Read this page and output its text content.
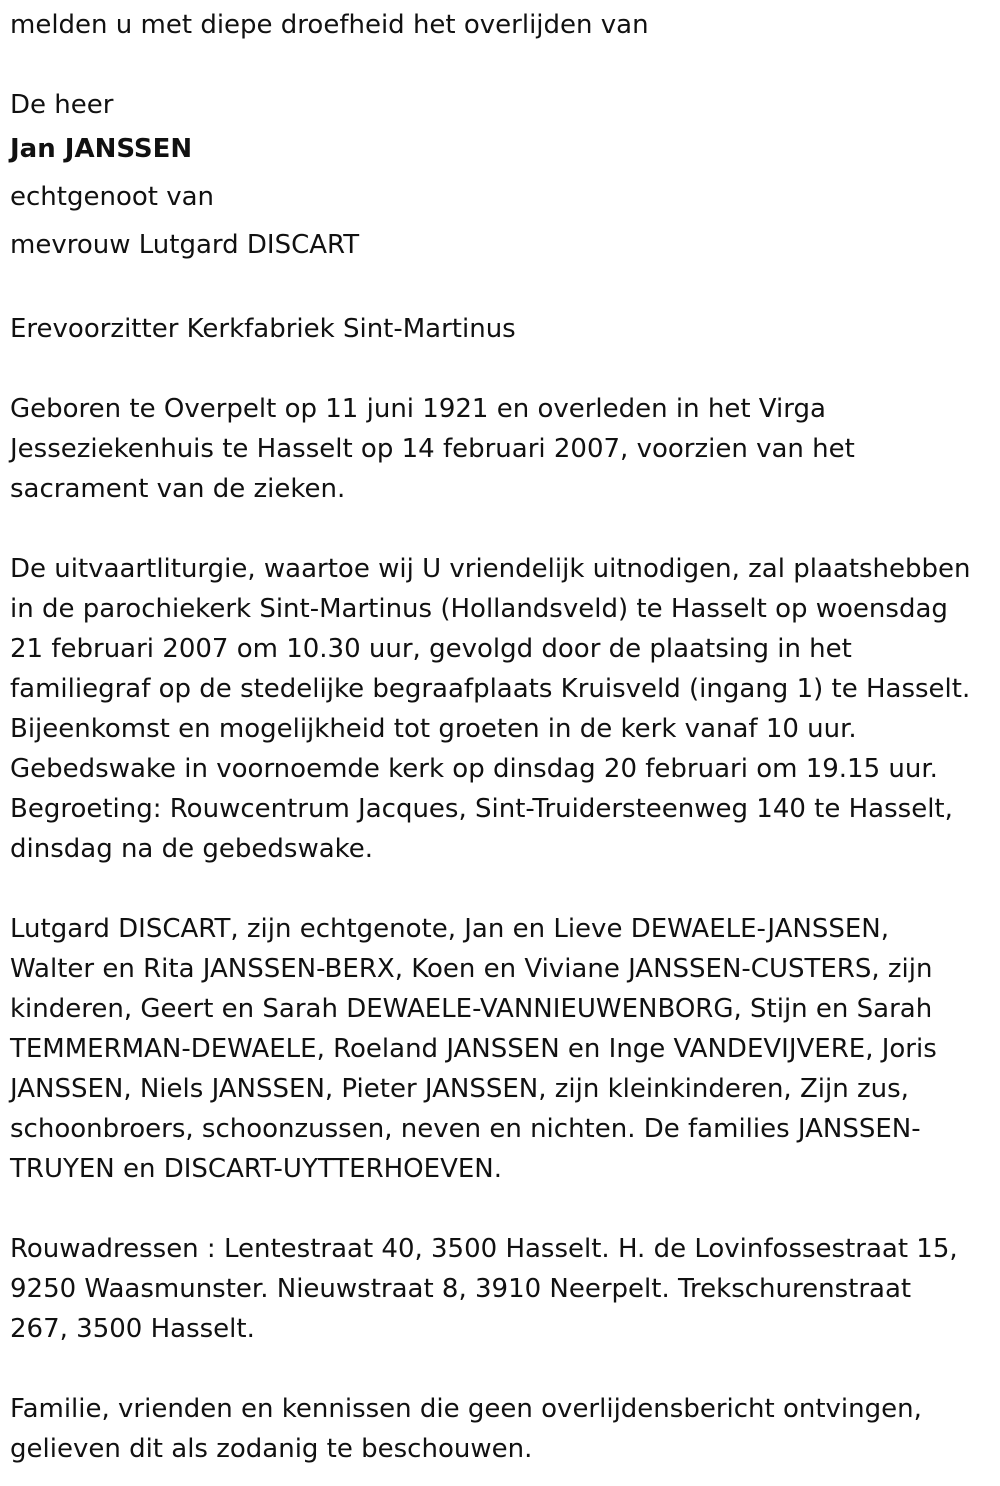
melden u met diepe droefheid het overlijden van

De heer

Jan JANSSEN

echtgenoot van

mevrouw Lutgard DISCART

Erevoorzitter Kerkfabriek Sint-Martinus

Geboren te Overpelt op 11 juni 1921 en overleden in het Virga

Jesseziekenhuis te Hasselt op 14 februari 2007, voorzien van het

sacrament van de zieken.

De uitvaartliturgie, waartoe wij U vriendelijk uitnodigen, zal plaatshebben

in de parochiekerk Sint-Martinus (Hollandsveld) te Hasselt op woensdag

21 februari 2007 om 10.30 uur, gevolgd door de plaatsing in het

familiegraf op de stedelijke begraafplaats Kruisveld (ingang 1) te Hasselt.

Bijeenkomst en mogelijkheid tot groeten in de kerk vanaf 10 uur.

Gebedswake in voornoemde kerk op dinsdag 20 februari om 19.15 uur.

Begroeting: Rouwcentrum Jacques, Sint-Truidersteenweg 140 te Hasselt,

dinsdag na de gebedswake.

Lutgard DISCART, zijn echtgenote, Jan en Lieve DEWAELE-JANSSEN,

Walter en Rita JANSSEN-BERX, Koen en Viviane JANSSEN-CUSTERS, zijn

kinderen, Geert en Sarah DEWAELE-VANNIEUWENBORG, Stijn en Sarah

TEMMERMAN-DEWAELE, Roeland JANSSEN en Inge VANDEVIJVERE, Joris

JANSSEN, Niels JANSSEN, Pieter JANSSEN, zijn kleinkinderen, Zijn zus,

schoonbroers, schoonzussen, neven en nichten. De families JANSSEN-

TRUYEN en DISCART-UYTTERHOEVEN.

Rouwadressen : Lentestraat 40, 3500 Hasselt. H. de Lovinfossestraat 15,

9250 Waasmunster. Nieuwstraat 8, 3910 Neerpelt. Trekschurenstraat

267, 3500 Hasselt.

Familie, vrienden en kennissen die geen overlijdensbericht ontvingen,

gelieven dit als zodanig te beschouwen.
